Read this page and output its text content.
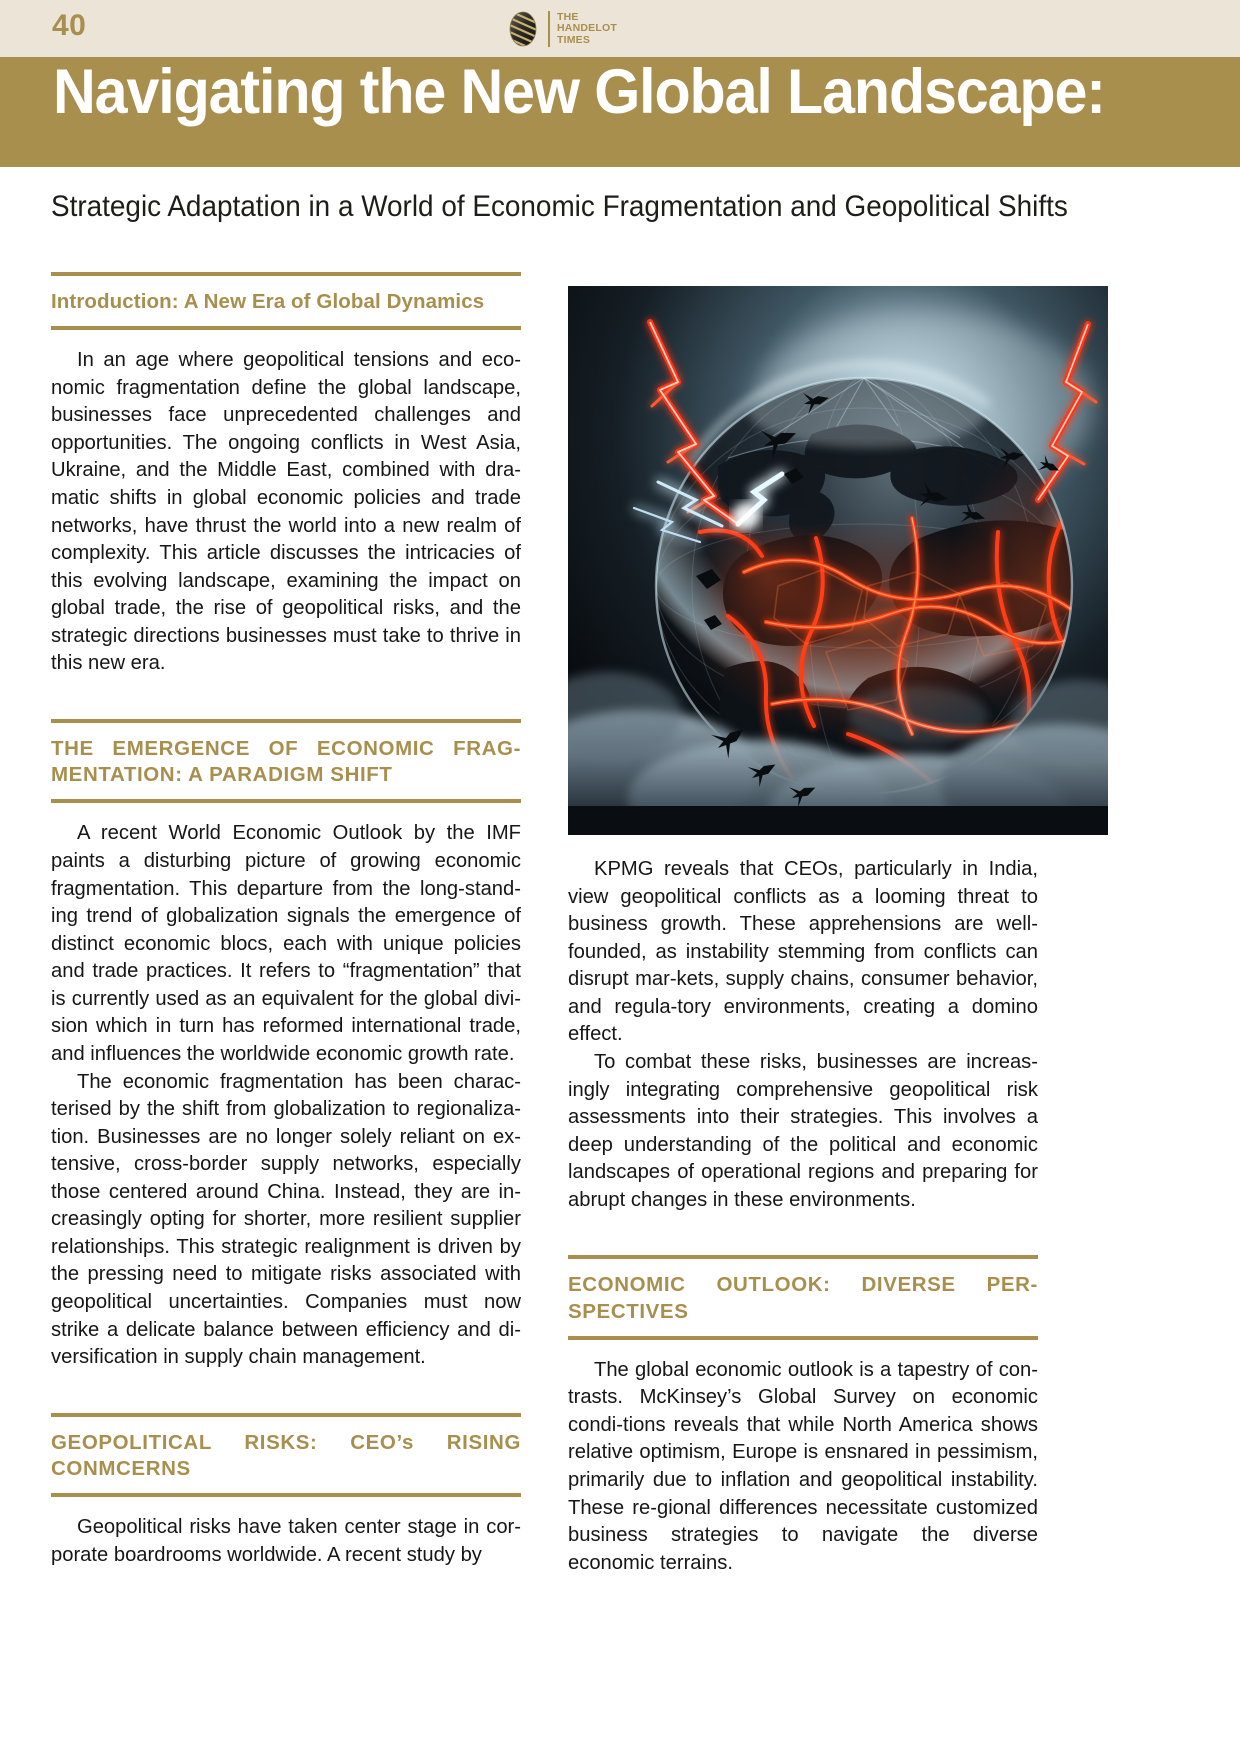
40	THE
HANDELOT
TIMES
Navigating the New Global Landscape:
Strategic Adaptation in a World of Economic Fragmentation and Geopolitical Shifts
Introduction: A New Era of Global Dynamics

In an age where geopolitical tensions and eco-nomic fragmentation define the global landscape, businesses face unprecedented challenges and opportunities. The ongoing conflicts in West Asia, Ukraine, and the Middle East, combined with dra-matic shifts in global economic policies and trade networks, have thrust the world into a new realm of complexity. This article discusses the intricacies of this evolving landscape, examining the impact on global trade, the rise of geopolitical risks, and the strategic directions businesses must take to thrive in this new era.

THE EMERGENCE OF ECONOMIC FRAG-MENTATION: A PARADIGM SHIFT

A recent World Economic Outlook by the IMF paints a disturbing picture of growing economic fragmentation. This departure from the long-stand-ing trend of globalization signals the emergence of distinct economic blocs, each with unique policies and trade practices. It refers to “fragmentation” that is currently used as an equivalent for the global divi-sion which in turn has reformed international trade, and influences the worldwide economic growth rate.

The economic fragmentation has been charac-terised by the shift from globalization to regionaliza-tion. Businesses are no longer solely reliant on ex-tensive, cross-border supply networks, especially those centered around China. Instead, they are in-creasingly opting for shorter, more resilient supplier relationships. This strategic realignment is driven by the pressing need to mitigate risks associated with geopolitical uncertainties. Companies must now strike a delicate balance between efficiency and di-versification in supply chain management.

GEOPOLITICAL RISKS: CEO’s RISING CONMCERNS

Geopolitical risks have taken center stage in cor-porate boardrooms worldwide. A recent study by

KPMG reveals that CEOs, particularly in India, view geopolitical conflicts as a looming threat to business growth. These apprehensions are well-founded, as instability stemming from conflicts can disrupt mar-kets, supply chains, consumer behavior, and regula-tory environments, creating a domino effect.

To combat these risks, businesses are increas-ingly integrating comprehensive geopolitical risk assessments into their strategies. This involves a deep understanding of the political and economic landscapes of operational regions and preparing for abrupt changes in these environments.

ECONOMIC OUTLOOK: DIVERSE PER-SPECTIVES

The global economic outlook is a tapestry of con-trasts. McKinsey’s Global Survey on economic condi-tions reveals that while North America shows relative optimism, Europe is ensnared in pessimism, primarily due to inflation and geopolitical instability. These re-gional differences necessitate customized business strategies to navigate the diverse economic terrains.
